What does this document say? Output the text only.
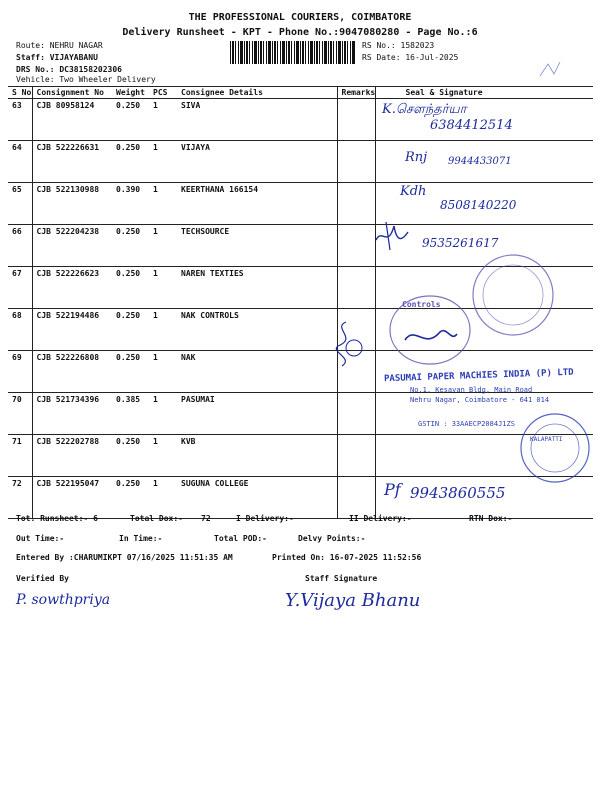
THE PROFESSIONAL COURIERS, COIMBATORE
Delivery Runsheet - KPT - Phone No.:9047080280 - Page No.:6
Route: NEHRU NAGAR
Staff: VIJAYABANU
DRS No.: DC38158202306
Vehicle: Two Wheeler Delivery
RS No.: 1582023
RS Date: 16-Jul-2025
S No	Consignment No	Weight	PCS	Consignee Details	Remarks	Seal & Signature
63	CJB 80958124	0.250	1	SIVA		
64	CJB 522226631	0.250	1	VIJAYA		
65	CJB 522130988	0.390	1	KEERTHANA 166154		
66	CJB 522204238	0.250	1	TECHSOURCE		
67	CJB 522226623	0.250	1	NAREN TEXTIES		
68	CJB 522194486	0.250	1	NAK CONTROLS		
69	CJB 522226808	0.250	1	NAK		
70	CJB 521734396	0.385	1	PASUMAI		
71	CJB 522202788	0.250	1	KVB		
72	CJB 522195047	0.250	1	SUGUNA COLLEGE		
K.சௌந்தர்யா
6384412514
Rnj 9944433071
Kdh
8508140220
9535261617
Controls
PASUMAI PAPER MACHIES INDIA (P) LTD
No.1, Kesavan Bldg, Main Road
Nehru Nagar, Coimbatore - 641 014
GSTIN : 33AAECP2084J1ZS
KALAPATTI
Pf 9943860555
Tot. Runsheet:- 6	Total Dox:- 72	I Delivery:-	II Delivery:-	RTN Dox:-
Out Time:-	In Time:-	Total POD:-	Delvy Points:-
Entered By :CHARUMIKPT 07/16/2025 11:51:35 AM	Printed On: 16-07-2025 11:52:56
Verified By	Staff Signature
P. sowthpriya	Y.Vijaya Bhanu
